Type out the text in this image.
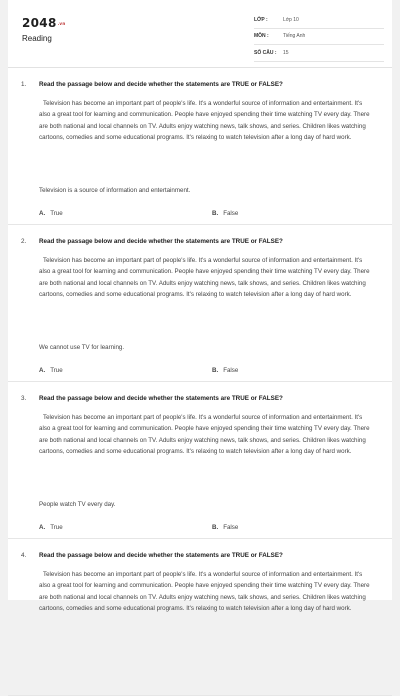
2048.vn
Reading
LỚP :	Lớp 10
MÔN :	Tiếng Anh
SỐ CÂU :	15
1. Read the passage below and decide whether the statements are TRUE or FALSE?

Television has become an important part of people's life. It's a wonderful source of information and entertainment. It's also a great tool for learning and communication. People have enjoyed spending their time watching TV every day. There are both national and local channels on TV. Adults enjoy watching news, talk shows, and series. Children likes watching cartoons, comedies and some educational programs. It's relaxing to watch television after a long day of hard work.

Television is a source of information and entertainment.
A. True	B. False
2. Read the passage below and decide whether the statements are TRUE or FALSE?

Television has become an important part of people's life. It's a wonderful source of information and entertainment. It's also a great tool for learning and communication. People have enjoyed spending their time watching TV every day. There are both national and local channels on TV. Adults enjoy watching news, talk shows, and series. Children likes watching cartoons, comedies and some educational programs. It's relaxing to watch television after a long day of hard work.

We cannot use TV for learning.
A. True	B. False
3. Read the passage below and decide whether the statements are TRUE or FALSE?

Television has become an important part of people's life. It's a wonderful source of information and entertainment. It's also a great tool for learning and communication. People have enjoyed spending their time watching TV every day. There are both national and local channels on TV. Adults enjoy watching news, talk shows, and series. Children likes watching cartoons, comedies and some educational programs. It's relaxing to watch television after a long day of hard work.

People watch TV every day.
A. True	B. False
4. Read the passage below and decide whether the statements are TRUE or FALSE?

Television has become an important part of people's life. It's a wonderful source of information and entertainment. It's also a great tool for learning and communication. People have enjoyed spending their time watching TV every day. There are both national and local channels on TV. Adults enjoy watching news, talk shows, and series. Children likes watching cartoons, comedies and some educational programs. It's relaxing to watch television after a long day of hard work.
